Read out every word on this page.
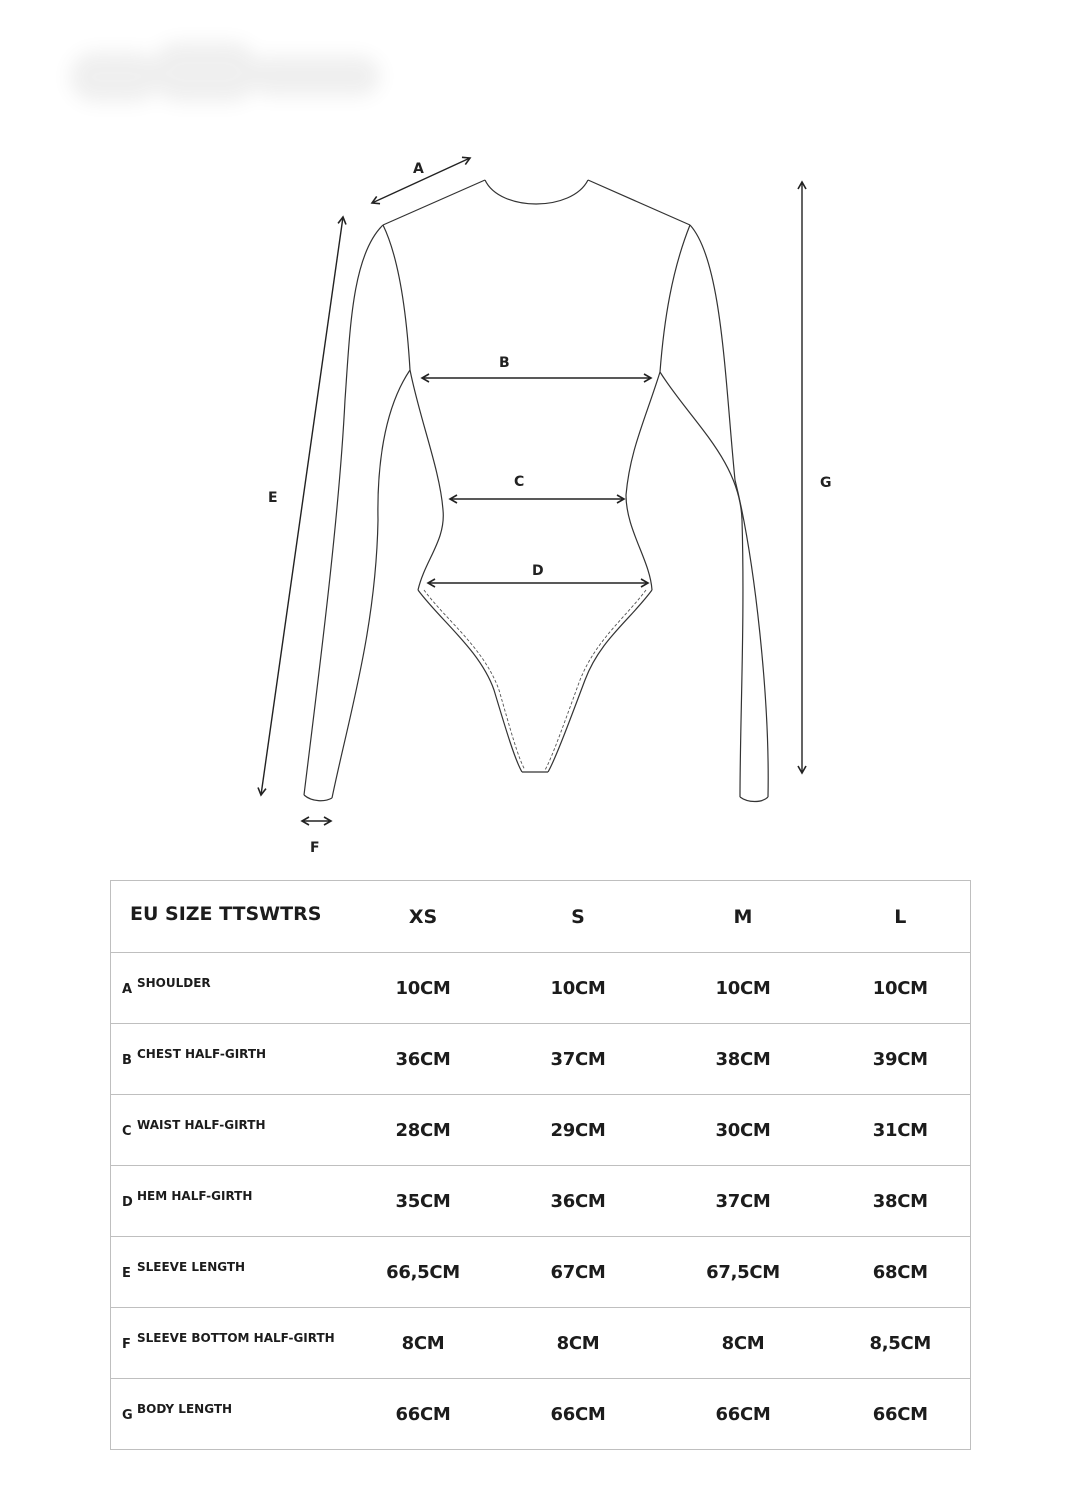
A
B
C
D
E
F
G
EU SIZE TTSWTRS	XS	S	M	L
A SHOULDER	10CM	10CM	10CM	10CM
B CHEST HALF-GIRTH	36CM	37CM	38CM	39CM
C WAIST HALF-GIRTH	28CM	29CM	30CM	31CM
D HEM HALF-GIRTH	35CM	36CM	37CM	38CM
E SLEEVE LENGTH	66,5CM	67CM	67,5CM	68CM
F SLEEVE BOTTOM HALF-GIRTH	8CM	8CM	8CM	8,5CM
G BODY LENGTH	66CM	66CM	66CM	66CM
